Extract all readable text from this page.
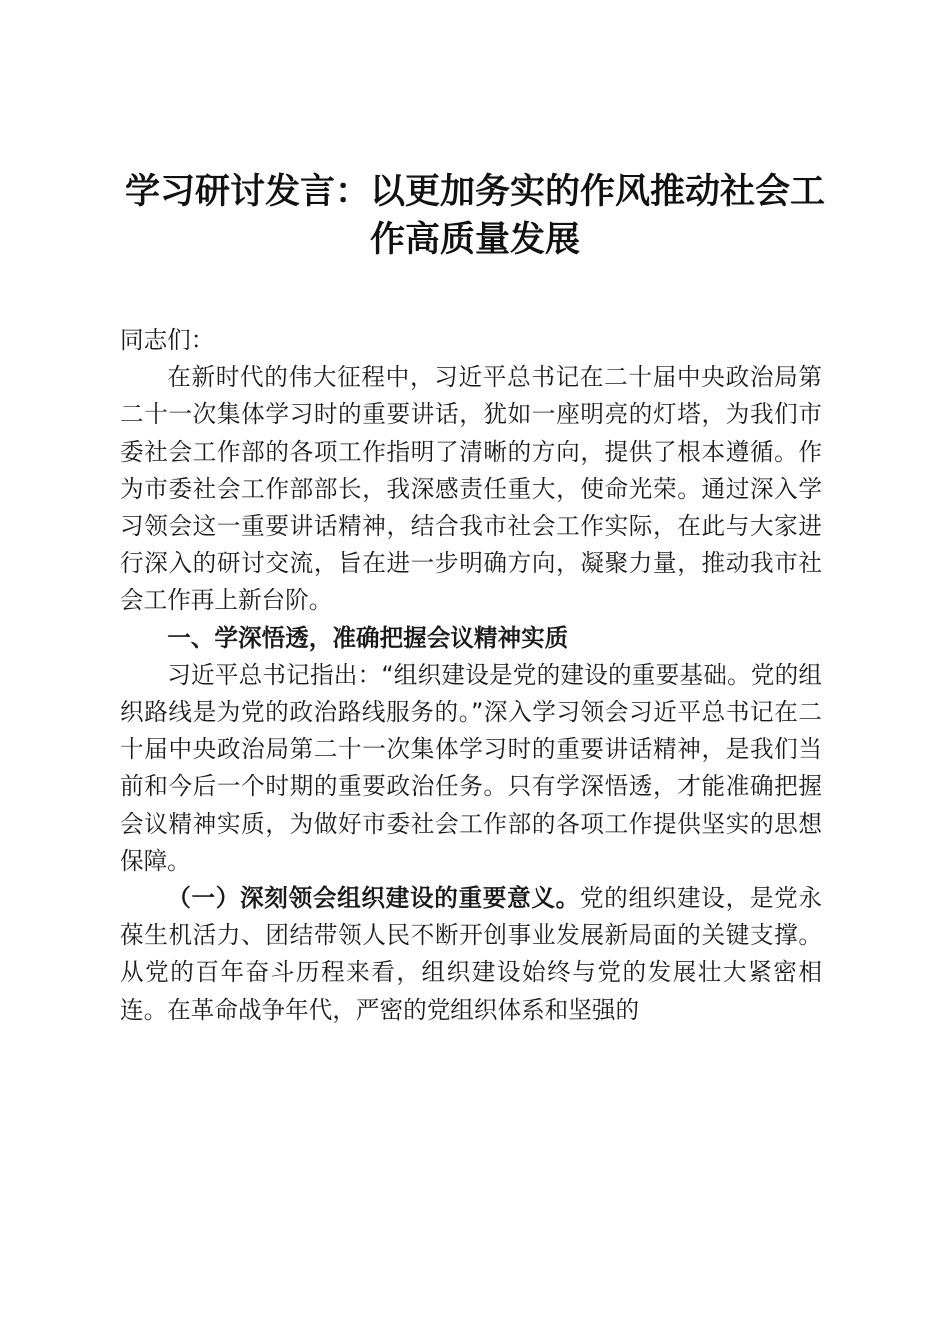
学习研讨发言：以更加务实的作风推动社会工
作高质量发展

同志们：

在新时代的伟大征程中，习近平总书记在二十届中央政治局第二十一次集体学习时的重要讲话，犹如一座明亮的灯塔，为我们市委社会工作部的各项工作指明了清晰的方向，提供了根本遵循。作为市委社会工作部部长，我深感责任重大，使命光荣。通过深入学习领会这一重要讲话精神，结合我市社会工作实际，在此与大家进行深入的研讨交流，旨在进一步明确方向，凝聚力量，推动我市社会工作再上新台阶。

一、学深悟透，准确把握会议精神实质

习近平总书记指出：“组织建设是党的建设的重要基础。党的组织路线是为党的政治路线服务的。”深入学习领会习近平总书记在二十届中央政治局第二十一次集体学习时的重要讲话精神，是我们当前和今后一个时期的重要政治任务。只有学深悟透，才能准确把握会议精神实质，为做好市委社会工作部的各项工作提供坚实的思想保障。

（一）深刻领会组织建设的重要意义。党的组织建设，是党永葆生机活力、团结带领人民不断开创事业发展新局面的关键支撑。从党的百年奋斗历程来看，组织建设始终与党的发展壮大紧密相连。在革命战争年代，严密的党组织体系和坚强的
